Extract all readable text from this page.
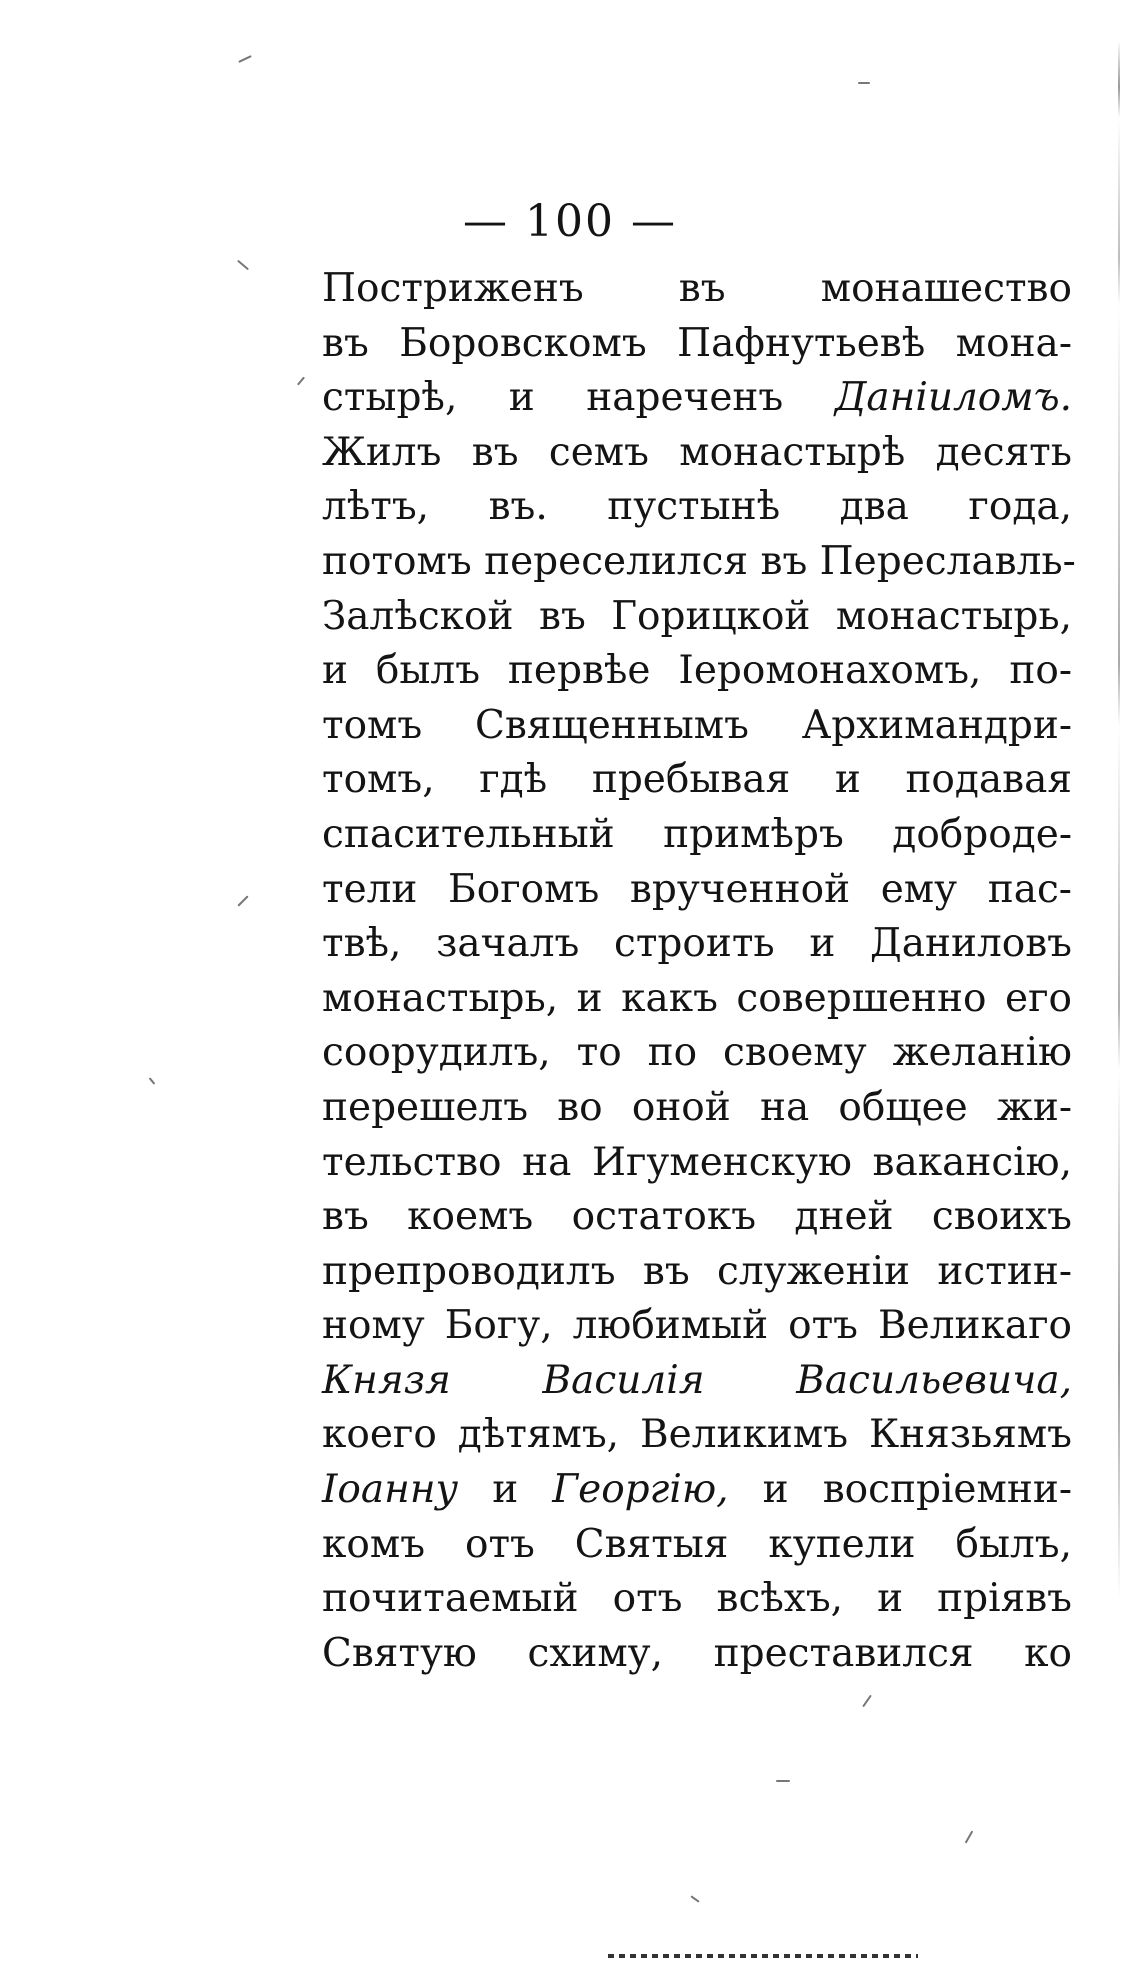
— 100 —
Постриженъ въ монашество
въ Боровскомъ Пафнутьевѣ мона-
стырѣ, и нареченъ Даніиломъ.
Жилъ въ семъ монастырѣ десять
лѣтъ, въ. пустынѣ два года,
потомъ переселился въ Переславль-
Залѣской въ Горицкой монастырь,
и былъ первѣе Іеромонахомъ, по-
томъ Священнымъ Архимандри-
томъ, гдѣ пребывая и подавая
спасительный примѣръ доброде-
тели Богомъ врученной ему пас-
твѣ, зачалъ строить и Даниловъ
монастырь, и какъ совершенно его
соорудилъ, то по своему желанію
перешелъ во оной на общее жи-
тельство на Игуменскую вакансію,
въ коемъ остатокъ дней своихъ
препроводилъ въ служеніи истин-
ному Богу, любимый отъ Великаго
Князя Василія Васильевича,
коего дѣтямъ, Великимъ Князьямъ
Іоанну и Георгію, и воспріемни-
комъ отъ Святыя купели былъ,
почитаемый отъ всѣхъ, и пріявъ
Святую схиму, преставился ко
